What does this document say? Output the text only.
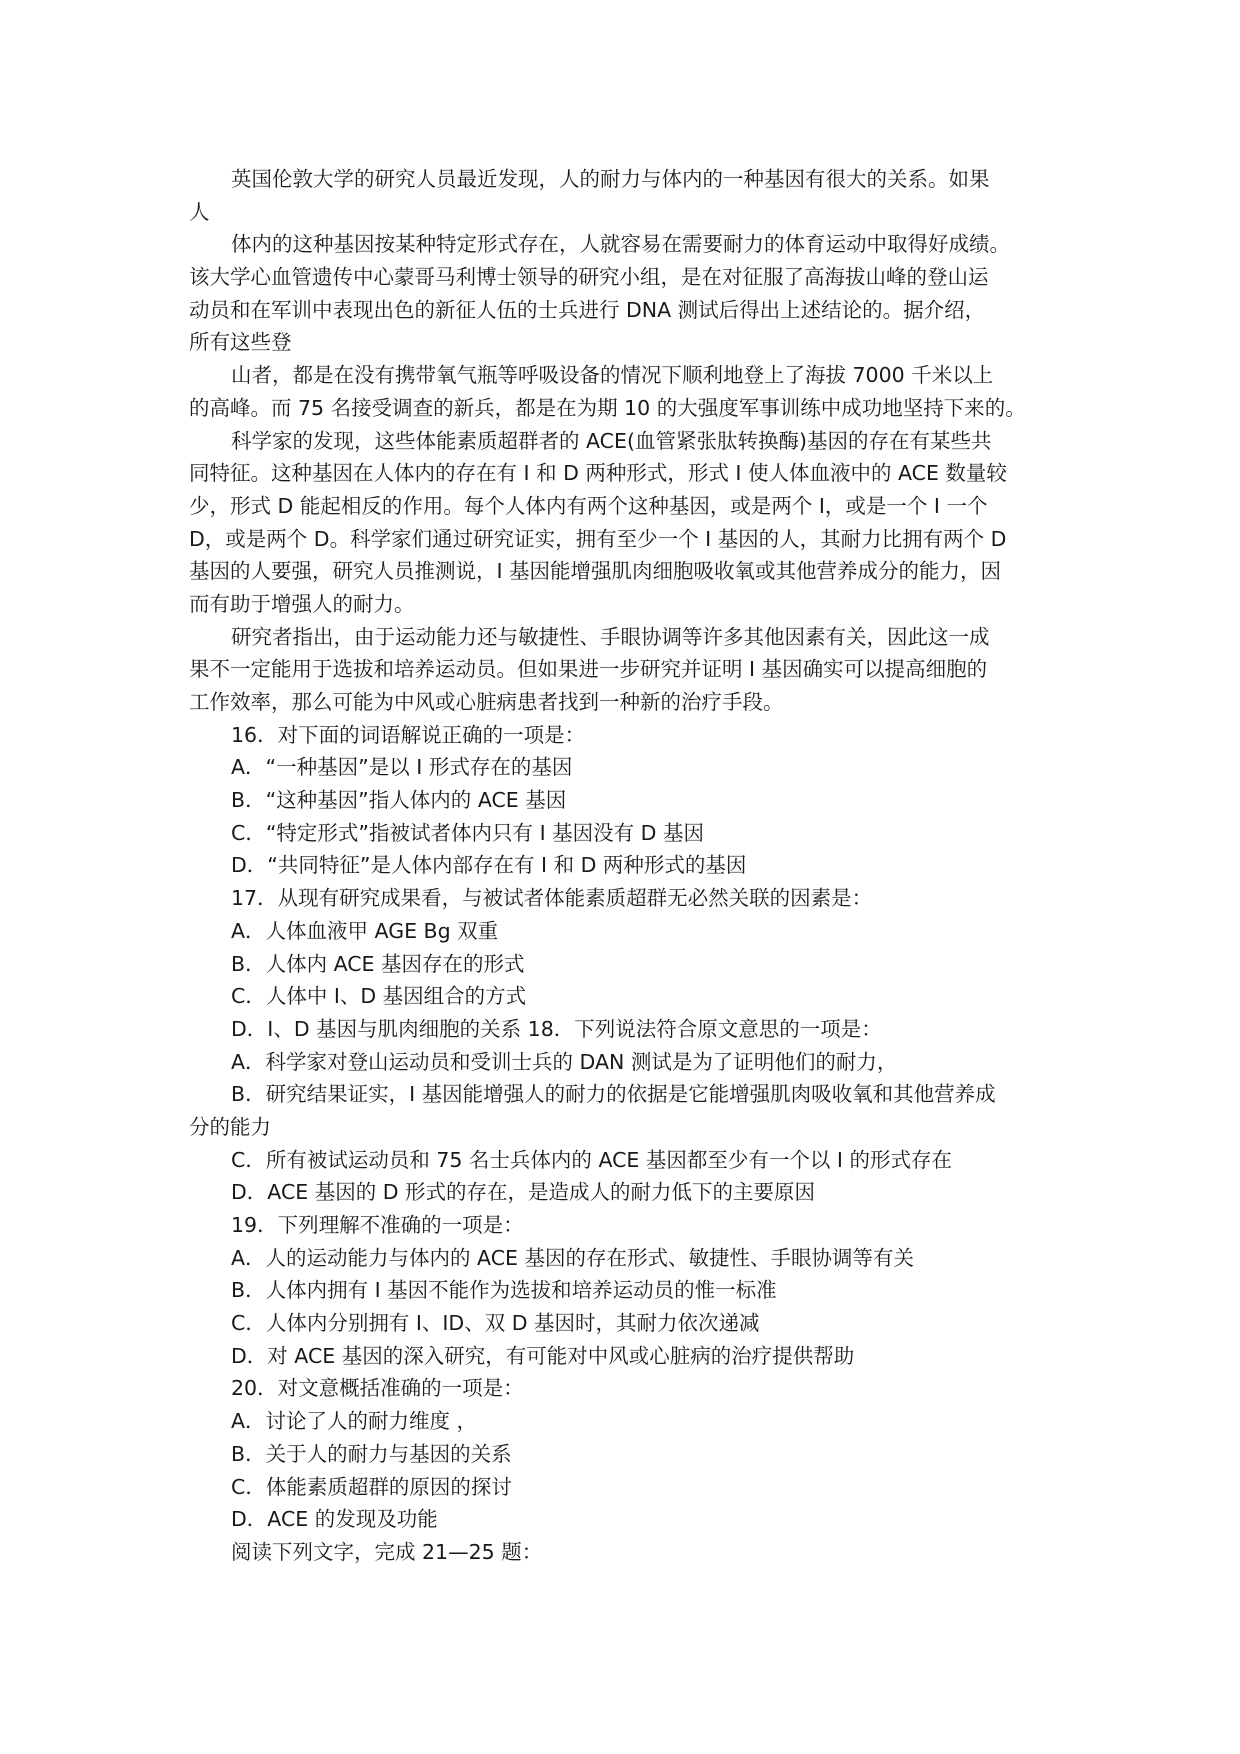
英国伦敦大学的研究人员最近发现，人的耐力与体内的一种基因有很大的关系。如果

人

体内的这种基因按某种特定形式存在，人就容易在需要耐力的体育运动中取得好成绩。

该大学心血管遗传中心蒙哥马利博士领导的研究小组，是在对征服了高海拔山峰的登山运

动员和在军训中表现出色的新征人伍的士兵进行 DNA 测试后得出上述结论的。据介绍，

所有这些登

山者，都是在没有携带氧气瓶等呼吸设备的情况下顺利地登上了海拔 7000 千米以上

的高峰。而 75 名接受调查的新兵，都是在为期 10 的大强度军事训练中成功地坚持下来的。

科学家的发现，这些体能素质超群者的 ACE(血管紧张肽转换酶)基因的存在有某些共

同特征。这种基因在人体内的存在有 I 和 D 两种形式，形式 I 使人体血液中的 ACE 数量较

少，形式 D 能起相反的作用。每个人体内有两个这种基因，或是两个 I，或是一个 I 一个

D，或是两个 D。科学家们通过研究证实，拥有至少一个 I 基因的人，其耐力比拥有两个 D

基因的人要强，研究人员推测说，I 基因能增强肌肉细胞吸收氧或其他营养成分的能力，因

而有助于增强人的耐力。

研究者指出，由于运动能力还与敏捷性、手眼协调等许多其他因素有关，因此这一成

果不一定能用于选拔和培养运动员。但如果进一步研究并证明 I 基因确实可以提高细胞的

工作效率，那么可能为中风或心脏病患者找到一种新的治疗手段。

16．对下面的词语解说正确的一项是：

A．“一种基因”是以 I 形式存在的基因

B．“这种基因”指人体内的 ACE 基因

C．“特定形式”指被试者体内只有 I 基因没有 D 基因

D．“共同特征”是人体内部存在有 I 和 D 两种形式的基因

17．从现有研究成果看，与被试者体能素质超群无必然关联的因素是：

A．人体血液甲 AGE Bg 双重

B．人体内 ACE 基因存在的形式

C．人体中 I、D 基因组合的方式

D．I、D 基因与肌肉细胞的关系 18．下列说法符合原文意思的一项是：

A．科学家对登山运动员和受训士兵的 DAN 测试是为了证明他们的耐力，

B．研究结果证实，I 基因能增强人的耐力的依据是它能增强肌肉吸收氧和其他营养成

分的能力

C．所有被试运动员和 75 名士兵体内的 ACE 基因都至少有一个以 I 的形式存在

D．ACE 基因的 D 形式的存在，是造成人的耐力低下的主要原因

19．下列理解不准确的一项是：

A．人的运动能力与体内的 ACE 基因的存在形式、敏捷性、手眼协调等有关

B．人体内拥有 I 基因不能作为选拔和培养运动员的惟一标准

C．人体内分别拥有 I、ID、双 D 基因时，其耐力依次递减

D．对 ACE 基因的深入研究，有可能对中风或心脏病的治疗提供帮助

20．对文意概括准确的一项是：

A．讨论了人的耐力维度 ，

B．关于人的耐力与基因的关系

C．体能素质超群的原因的探讨

D．ACE 的发现及功能

阅读下列文字，完成 21—25 题：
